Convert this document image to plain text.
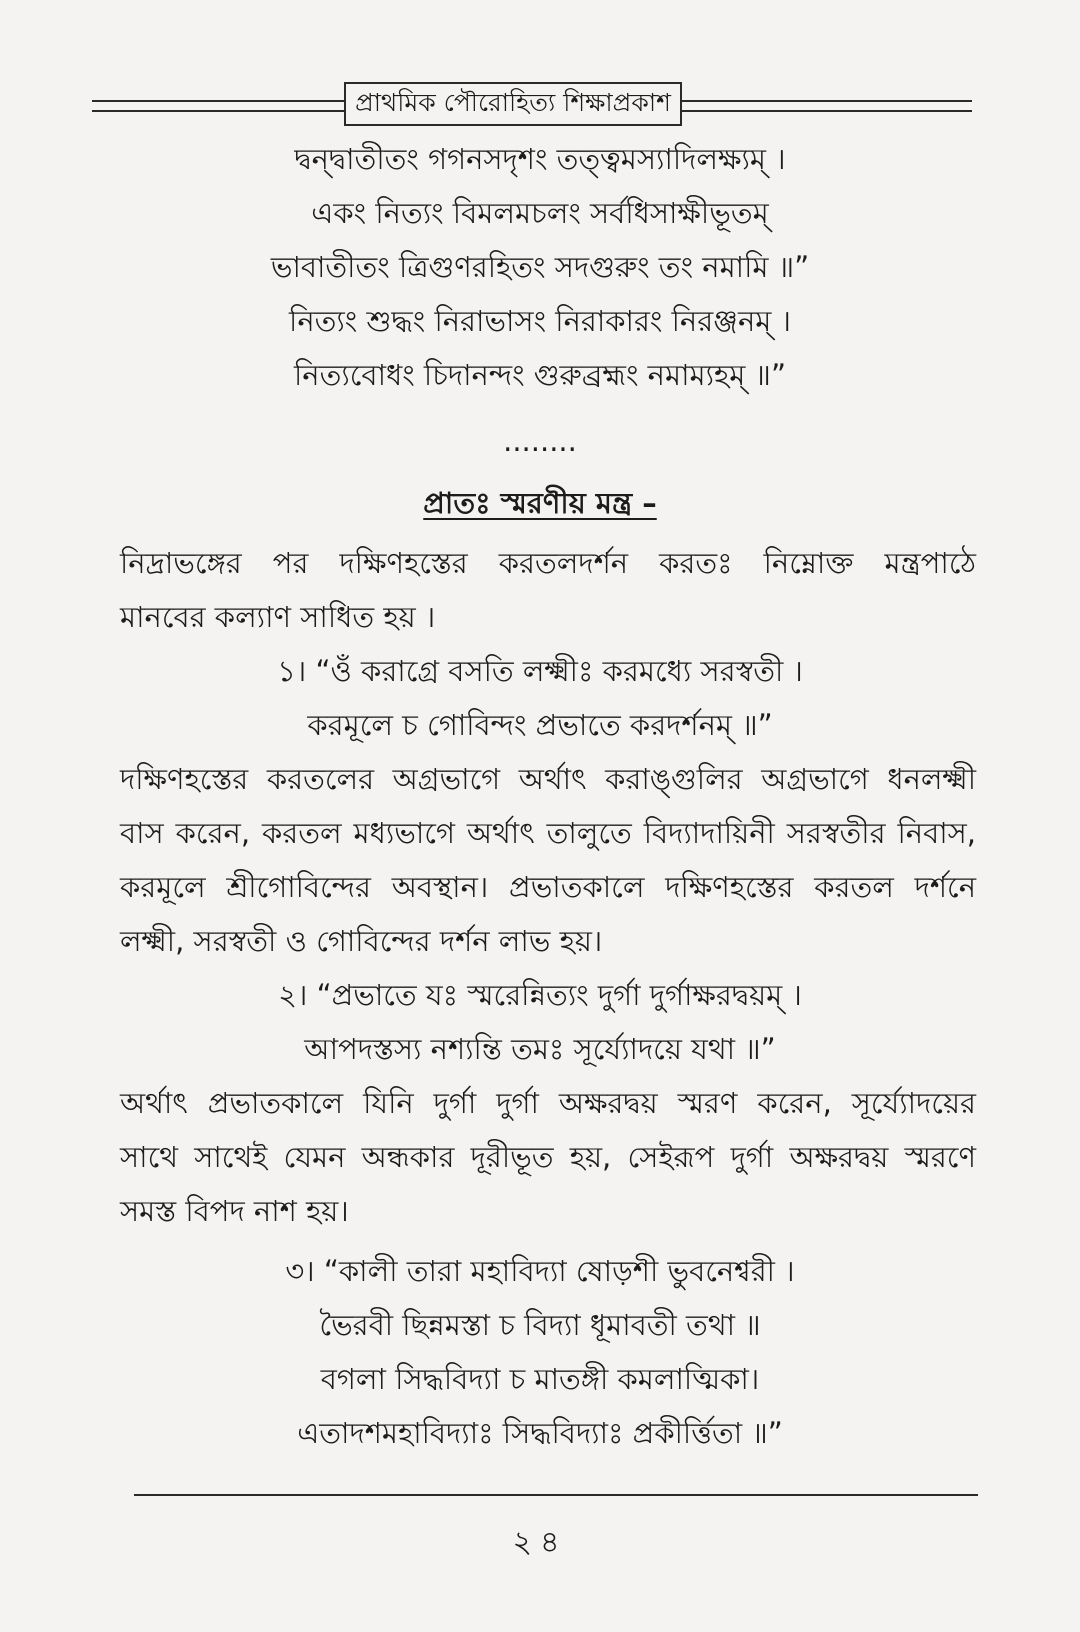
প্রাথমিক পৌরোহিত্য শিক্ষাপ্রকাশ
দ্বন্দ্বাতীতং গগনসদৃশং তত্ত্বমস্যাদিলক্ষ্যম্ ।
একং নিত্যং বিমলমচলং সর্বধিসাক্ষীভূতম্
ভাবাতীতং ত্রিগুণরহিতং সদগুরুং তং নমামি ॥”
নিত্যং শুদ্ধং নিরাভাসং নিরাকারং নিরঞ্জনম্ ।
নিত্যবোধং চিদানন্দং গুরুব্রহ্মং নমাম্যহম্ ॥”
........
প্রাতঃ স্মরণীয় মন্ত্র –
নিদ্রাভঙ্গের পর দক্ষিণহস্তের করতলদর্শন করতঃ নিম্নোক্ত মন্ত্রপাঠে
মানবের কল্যাণ সাধিত হয় ।
১। “ওঁ করাগ্রে বসতি লক্ষ্মীঃ করমধ্যে সরস্বতী ।
করমূলে চ গোবিন্দং প্রভাতে করদর্শনম্ ॥”
দক্ষিণহস্তের করতলের অগ্রভাগে অর্থাৎ করাঙ্গুলির অগ্রভাগে ধনলক্ষ্মী
বাস করেন, করতল মধ্যভাগে অর্থাৎ তালুতে বিদ্যাদায়িনী সরস্বতীর নিবাস,
করমূলে শ্রীগোবিন্দের অবস্থান। প্রভাতকালে দক্ষিণহস্তের করতল দর্শনে
লক্ষ্মী, সরস্বতী ও গোবিন্দের দর্শন লাভ হয়।
২। “প্রভাতে যঃ স্মরেন্নিত্যং দুর্গা দুর্গাক্ষরদ্বয়ম্ ।
আপদস্তস্য নশ্যন্তি তমঃ সূর্য্যোদয়ে যথা ॥”
অর্থাৎ প্রভাতকালে যিনি দুর্গা দুর্গা অক্ষরদ্বয় স্মরণ করেন, সূর্য্যোদয়ের
সাথে সাথেই যেমন অন্ধকার দূরীভূত হয়, সেইরূপ দুর্গা অক্ষরদ্বয় স্মরণে
সমস্ত বিপদ নাশ হয়।
৩। “কালী তারা মহাবিদ্যা ষোড়শী ভুবনেশ্বরী ।
ভৈরবী ছিন্নমস্তা চ বিদ্যা ধূমাবতী তথা ॥
বগলা সিদ্ধবিদ্যা চ মাতঙ্গী কমলাত্মিকা।
এতাদশমহাবিদ্যাঃ সিদ্ধবিদ্যাঃ প্রকীর্ত্তিতা ॥”
২৪
